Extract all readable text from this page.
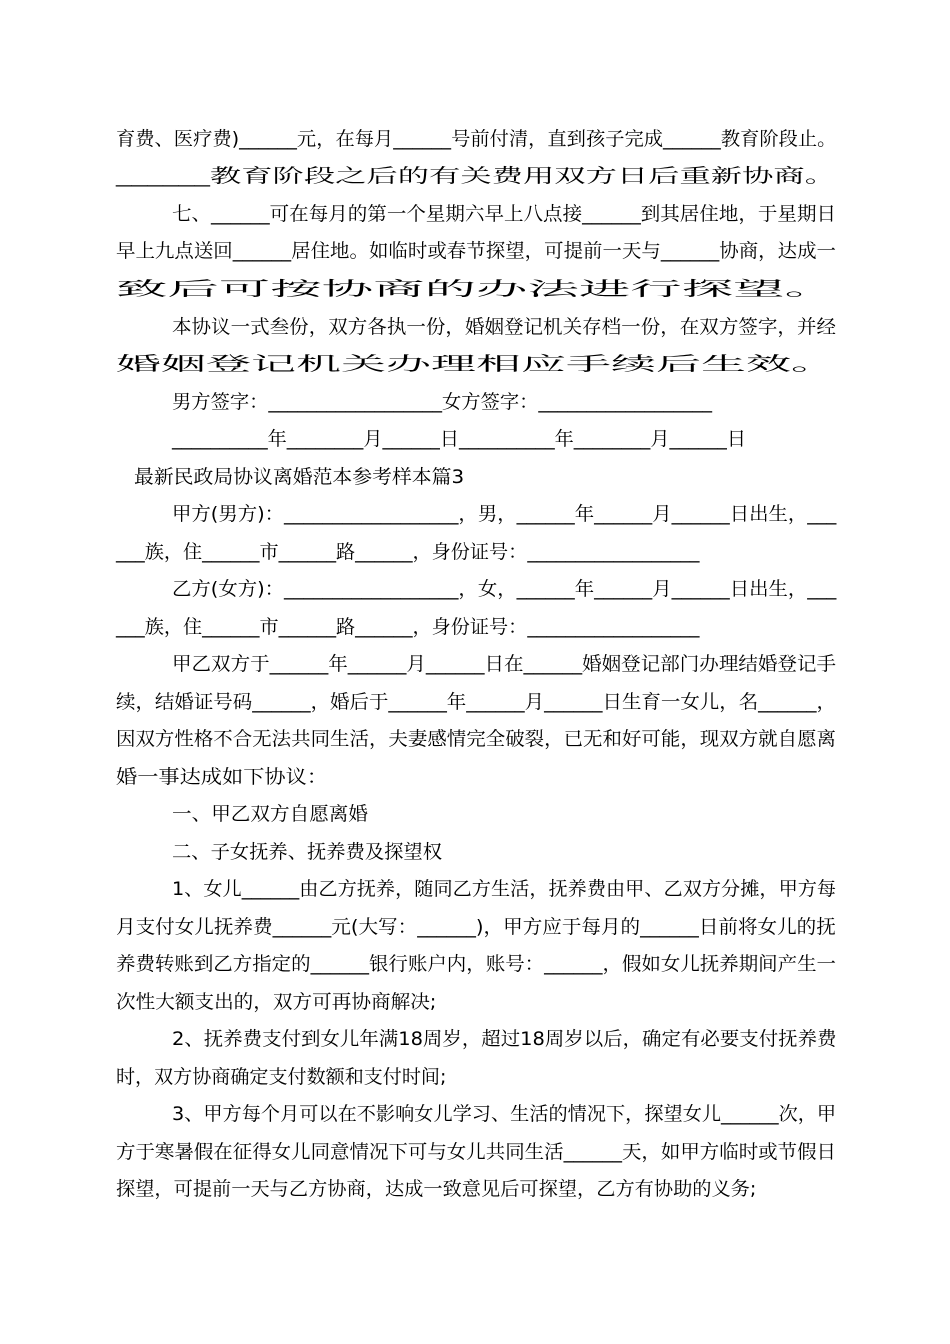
育费、医疗费)______元，在每月______号前付清，直到孩子完成______教育阶段止。
______教育阶段之后的有关费用双方日后重新协商。
七、______可在每月的第一个星期六早上八点接______到其居住地，于星期日
早上九点送回______居住地。如临时或春节探望，可提前一天与______协商，达成一
致后可按协商的办法进行探望。
本协议一式叁份，双方各执一份，婚姻登记机关存档一份，在双方签字，并经
婚姻登记机关办理相应手续后生效。
男方签字：__________________女方签字：__________________
__________年________月______日__________年________月______日
最新民政局协议离婚范本参考样本篇3
甲方(男方)：__________________，男，______年______月______日出生，___
___族，住______市______路______，身份证号：__________________
乙方(女方)：__________________，女，______年______月______日出生，___
___族，住______市______路______，身份证号：__________________
甲乙双方于______年______月______日在______婚姻登记部门办理结婚登记手
续，结婚证号码______，婚后于______年______月______日生育一女儿，名______，
因双方性格不合无法共同生活，夫妻感情完全破裂，已无和好可能，现双方就自愿离
婚一事达成如下协议：
一、甲乙双方自愿离婚
二、子女抚养、抚养费及探望权
1、女儿______由乙方抚养，随同乙方生活，抚养费由甲、乙双方分摊，甲方每
月支付女儿抚养费______元(大写：______)，甲方应于每月的______日前将女儿的抚
养费转账到乙方指定的______银行账户内，账号：______，假如女儿抚养期间产生一
次性大额支出的，双方可再协商解决;
2、抚养费支付到女儿年满18周岁，超过18周岁以后，确定有必要支付抚养费
时，双方协商确定支付数额和支付时间;
3、甲方每个月可以在不影响女儿学习、生活的情况下，探望女儿______次，甲
方于寒暑假在征得女儿同意情况下可与女儿共同生活______天，如甲方临时或节假日
探望，可提前一天与乙方协商，达成一致意见后可探望，乙方有协助的义务;
